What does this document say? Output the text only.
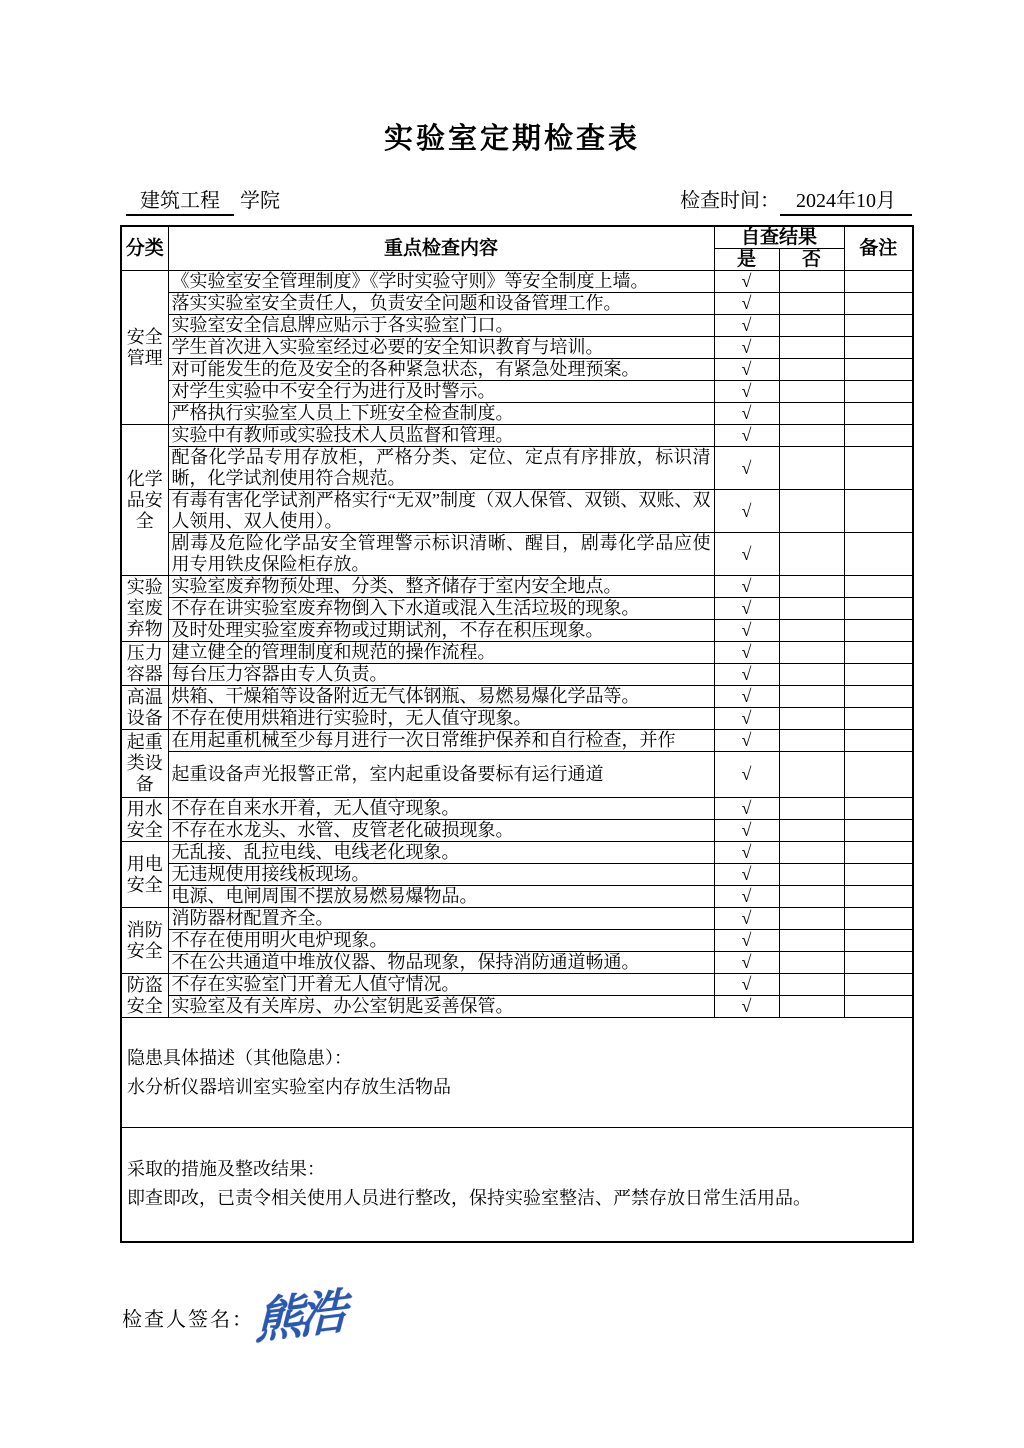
实验室定期检查表
建筑工程 学院	检查时间： 2024年10月
分类	重点检查内容	自查结果		备注
		是	否	
安全管理	《实验室安全管理制度》《学时实验守则》等安全制度上墙。	√		
	落实实验室安全责任人，负责安全问题和设备管理工作。	√		
	实验室安全信息牌应贴示于各实验室门口。	√		
	学生首次进入实验室经过必要的安全知识教育与培训。	√		
	对可能发生的危及安全的各种紧急状态，有紧急处理预案。	√		
	对学生实验中不安全行为进行及时警示。	√		
	严格执行实验室人员上下班安全检查制度。	√		
化学品安全	实验中有教师或实验技术人员监督和管理。	√		
	配备化学品专用存放柜，严格分类、定位、定点有序排放，标识清晰，化学试剂使用符合规范。	√		
	有毒有害化学试剂严格实行“无双”制度（双人保管、双锁、双账、双人领用、双人使用）。	√		
	剧毒及危险化学品安全管理警示标识清晰、醒目，剧毒化学品应使用专用铁皮保险柜存放。	√		
实验室废弃物	实验室废弃物预处理、分类、整齐储存于室内安全地点。	√		
	不存在讲实验室废弃物倒入下水道或混入生活垃圾的现象。	√		
	及时处理实验室废弃物或过期试剂，不存在积压现象。	√		
压力容器	建立健全的管理制度和规范的操作流程。	√		
	每台压力容器由专人负责。	√		
高温设备	烘箱、干燥箱等设备附近无气体钢瓶、易燃易爆化学品等。	√		
	不存在使用烘箱进行实验时，无人值守现象。	√		
起重类设备	在用起重机械至少每月进行一次日常维护保养和自行检查，并作	√		
	起重设备声光报警正常，室内起重设备要标有运行通道	√		
用水安全	不存在自来水开着，无人值守现象。	√		
	不存在水龙头、水管、皮管老化破损现象。	√		
用电安全	无乱接、乱拉电线、电线老化现象。	√		
	无违规使用接线板现场。	√		
	电源、电闸周围不摆放易燃易爆物品。	√		
消防安全	消防器材配置齐全。	√		
	不存在使用明火电炉现象。	√		
	不在公共通道中堆放仪器、物品现象，保持消防通道畅通。	√		
防盗安全	不存在实验室门开着无人值守情况。	√		
	实验室及有关库房、办公室钥匙妥善保管。	√		

隐患具体描述（其他隐患）：
水分析仪器培训室实验室内存放生活物品				

采取的措施及整改结果：
即查即改，已责令相关使用人员进行整改，保持实验室整洁、严禁存放日常生活用品。				
检查人签名： 熊浩
